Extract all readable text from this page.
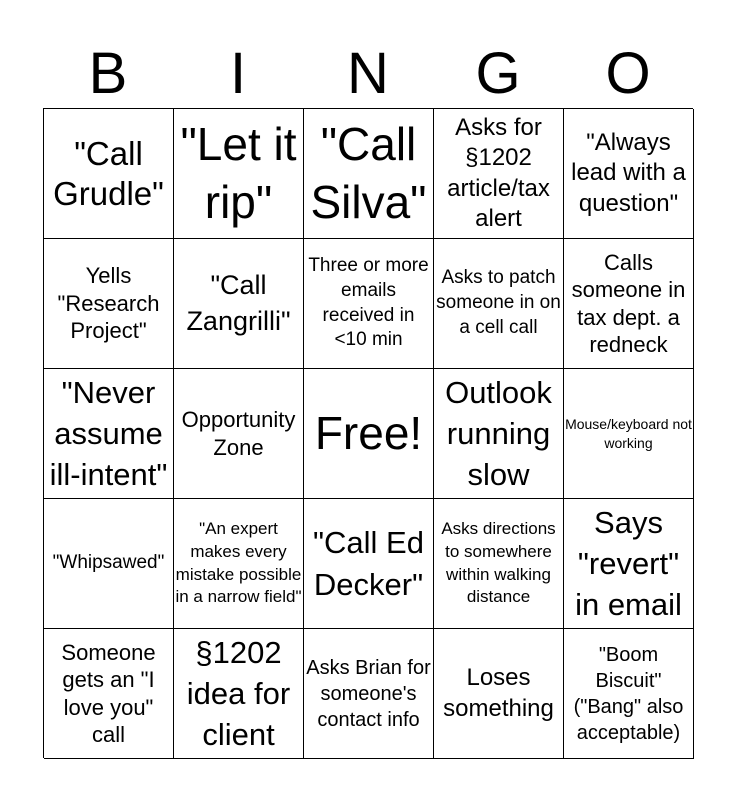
B	I	N	G	O
"Call Grudle"
"Let it rip"
"Call Silva"
Asks for §1202 article/tax alert
"Always lead with a question"
Yells "Research Project"
"Call Zangrilli"
Three or more emails received in <10 min
Asks to patch someone in on a cell call
Calls someone in tax dept. a redneck
"Never assume ill-intent"
Opportunity Zone	Free!
Outlook running slow
Mouse/keyboard not working
"Whipsawed"
"An expert makes every mistake possible in a narrow field"
"Call Ed Decker"
Asks directions to somewhere within walking distance
Says "revert" in email
Someone gets an "I love you" call
§1202 idea for client
Asks Brian for someone's contact info
Loses something
"Boom Biscuit" ("Bang" also acceptable)
